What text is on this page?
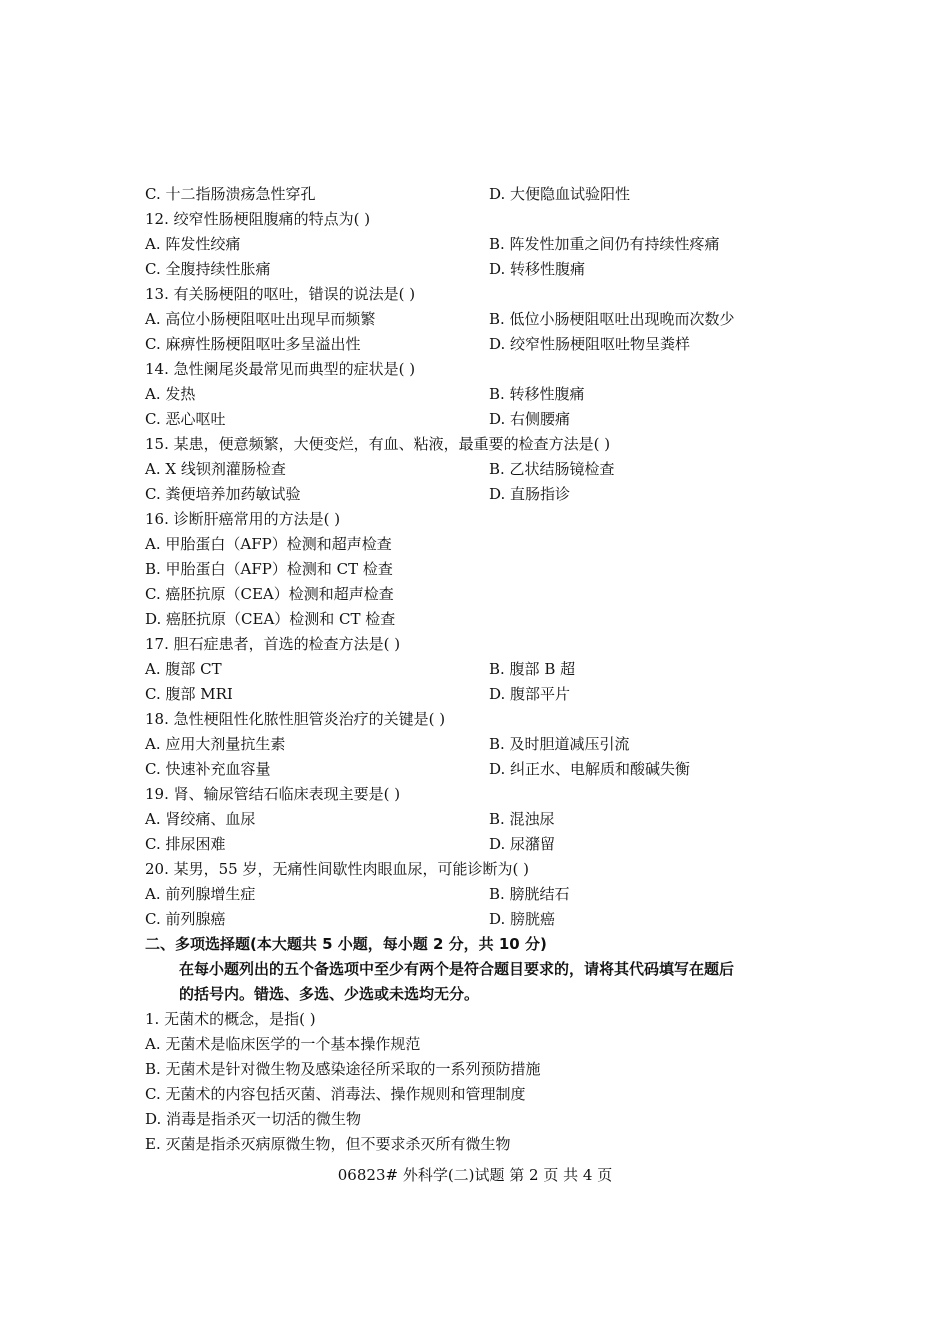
C. 十二指肠溃疡急性穿孔	D. 大便隐血试验阳性
12. 绞窄性肠梗阻腹痛的特点为( )
A. 阵发性绞痛	B. 阵发性加重之间仍有持续性疼痛
C. 全腹持续性胀痛	D. 转移性腹痛
13. 有关肠梗阻的呕吐，错误的说法是( )
A. 高位小肠梗阻呕吐出现早而频繁	B. 低位小肠梗阻呕吐出现晚而次数少
C. 麻痹性肠梗阻呕吐多呈溢出性	D. 绞窄性肠梗阻呕吐物呈粪样
14. 急性阑尾炎最常见而典型的症状是( )
A. 发热	B. 转移性腹痛
C. 恶心呕吐	D. 右侧腰痛
15. 某患，便意频繁，大便变烂，有血、粘液，最重要的检查方法是( )
A. X 线钡剂灌肠检查	B. 乙状结肠镜检查
C. 粪便培养加药敏试验	D. 直肠指诊
16. 诊断肝癌常用的方法是( )
A. 甲胎蛋白（AFP）检测和超声检查
B. 甲胎蛋白（AFP）检测和 CT 检查
C. 癌胚抗原（CEA）检测和超声检查
D. 癌胚抗原（CEA）检测和 CT 检查
17. 胆石症患者，首选的检查方法是( )
A. 腹部 CT	B. 腹部 B 超
C. 腹部 MRI	D. 腹部平片
18. 急性梗阻性化脓性胆管炎治疗的关键是( )
A. 应用大剂量抗生素	B. 及时胆道减压引流
C. 快速补充血容量	D. 纠正水、电解质和酸碱失衡
19. 肾、输尿管结石临床表现主要是( )
A. 肾绞痛、血尿	B. 混浊尿
C. 排尿困难	D. 尿潴留
20. 某男，55 岁，无痛性间歇性肉眼血尿，可能诊断为( )
A. 前列腺增生症	B. 膀胱结石
C. 前列腺癌	D. 膀胱癌
二、多项选择题(本大题共 5 小题，每小题 2 分，共 10 分)
在每小题列出的五个备选项中至少有两个是符合题目要求的，请将其代码填写在题后
的括号内。错选、多选、少选或未选均无分。
1. 无菌术的概念，是指( )
A. 无菌术是临床医学的一个基本操作规范
B. 无菌术是针对微生物及感染途径所采取的一系列预防措施
C. 无菌术的内容包括灭菌、消毒法、操作规则和管理制度
D. 消毒是指杀灭一切活的微生物
E. 灭菌是指杀灭病原微生物，但不要求杀灭所有微生物
06823# 外科学(二)试题 第 2 页 共 4 页
